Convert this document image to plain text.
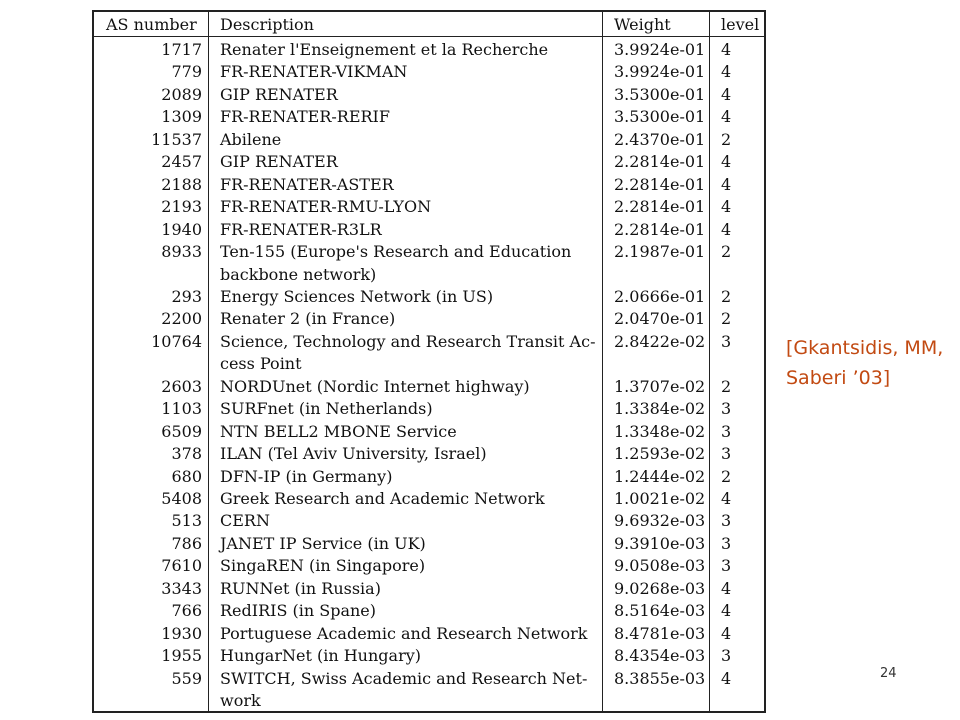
AS number Description	Weight	level
1717 Renater l'Enseignement et la Recherche	3.9924e-01 4
779 FR-RENATER-VIKMAN	3.9924e-01 4
2089 GIP RENATER	3.5300e-01 4
1309 FR-RENATER-RERIF	3.5300e-01 4
11537 Abilene	2.4370e-01 2
2457 GIP RENATER	2.2814e-01 4
2188 FR-RENATER-ASTER	2.2814e-01 4
2193 FR-RENATER-RMU-LYON	2.2814e-01 4
1940 FR-RENATER-R3LR	2.2814e-01 4
8933 Ten-155 (Europe's Research and Education	2.1987e-01 2
backbone network)
293 Energy Sciences Network (in US)	2.0666e-01 2
2200 Renater 2 (in France)	2.0470e-01 2
10764 Science, Technology and Research Transit Ac- 2.8422e-02 3
cess Point
2603 NORDUnet (Nordic Internet highway)	1.3707e-02 2
1103 SURFnet (in Netherlands)	1.3384e-02 3
6509 NTN BELL2 MBONE Service	1.3348e-02 3
378 ILAN (Tel Aviv University, Israel)	1.2593e-02 3
680 DFN-IP (in Germany)	1.2444e-02 2
5408 Greek Research and Academic Network	1.0021e-02 4
513 CERN	9.6932e-03 3
786 JANET IP Service (in UK)	9.3910e-03 3
7610 SingaREN (in Singapore)	9.0508e-03 3
3343 RUNNet (in Russia)	9.0268e-03 4
766 RedIRIS (in Spane)	8.5164e-03 4
1930 Portuguese Academic and Research Network 8.4781e-03 4
1955 HungarNet (in Hungary)	8.4354e-03 3
559 SWITCH, Swiss Academic and Research Net- 8.3855e-03 4
work
[Gkantsidis, MM,
Saberi ’03]
24
